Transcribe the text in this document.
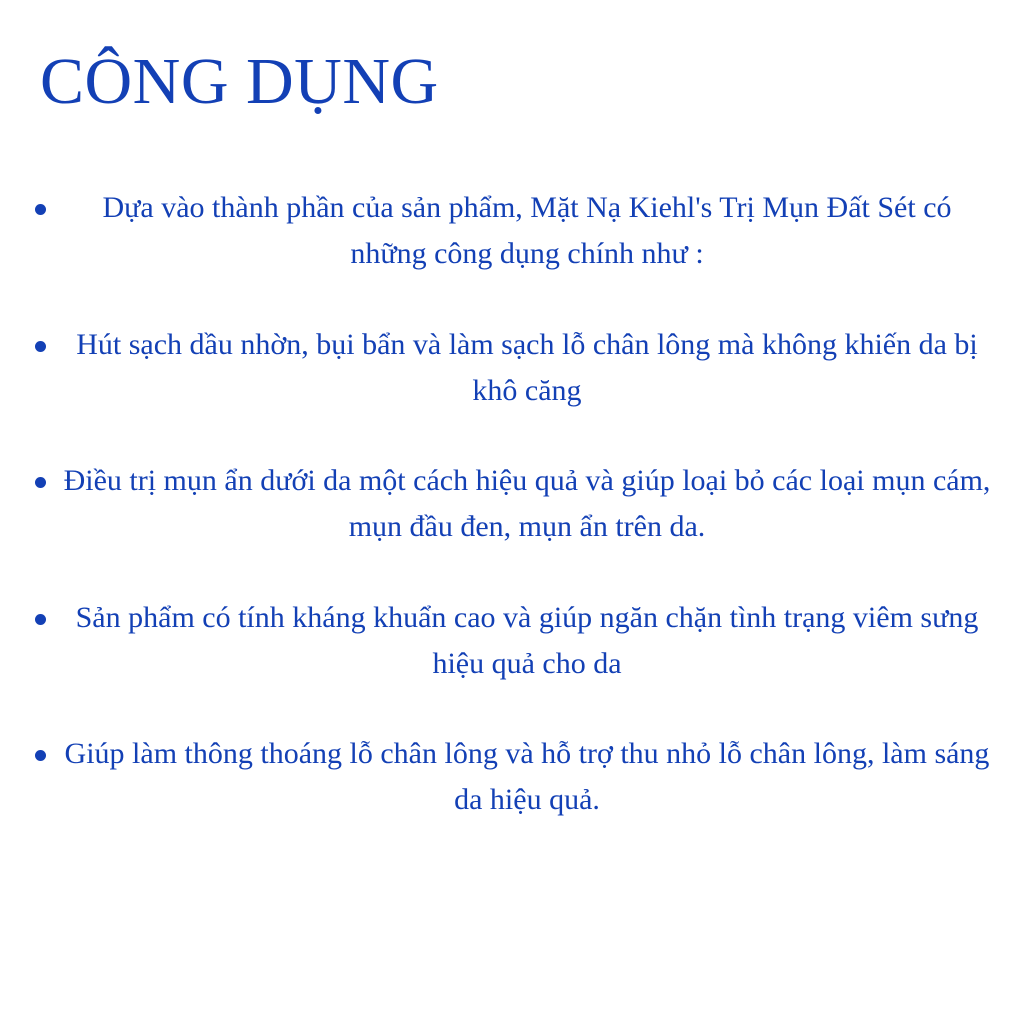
CÔNG DỤNG

Dựa vào thành phần của sản phẩm, Mặt Nạ Kiehl's Trị Mụn Đất Sét có những công dụng chính như :

Hút sạch dầu nhờn, bụi bẩn và làm sạch lỗ chân lông mà không khiến da bị khô căng

Điều trị mụn ẩn dưới da một cách hiệu quả và giúp loại bỏ các loại mụn cám, mụn đầu đen, mụn ẩn trên da.

Sản phẩm có tính kháng khuẩn cao và giúp ngăn chặn tình trạng viêm sưng hiệu quả cho da

Giúp làm thông thoáng lỗ chân lông và hỗ trợ thu nhỏ lỗ chân lông, làm sáng da hiệu quả.
